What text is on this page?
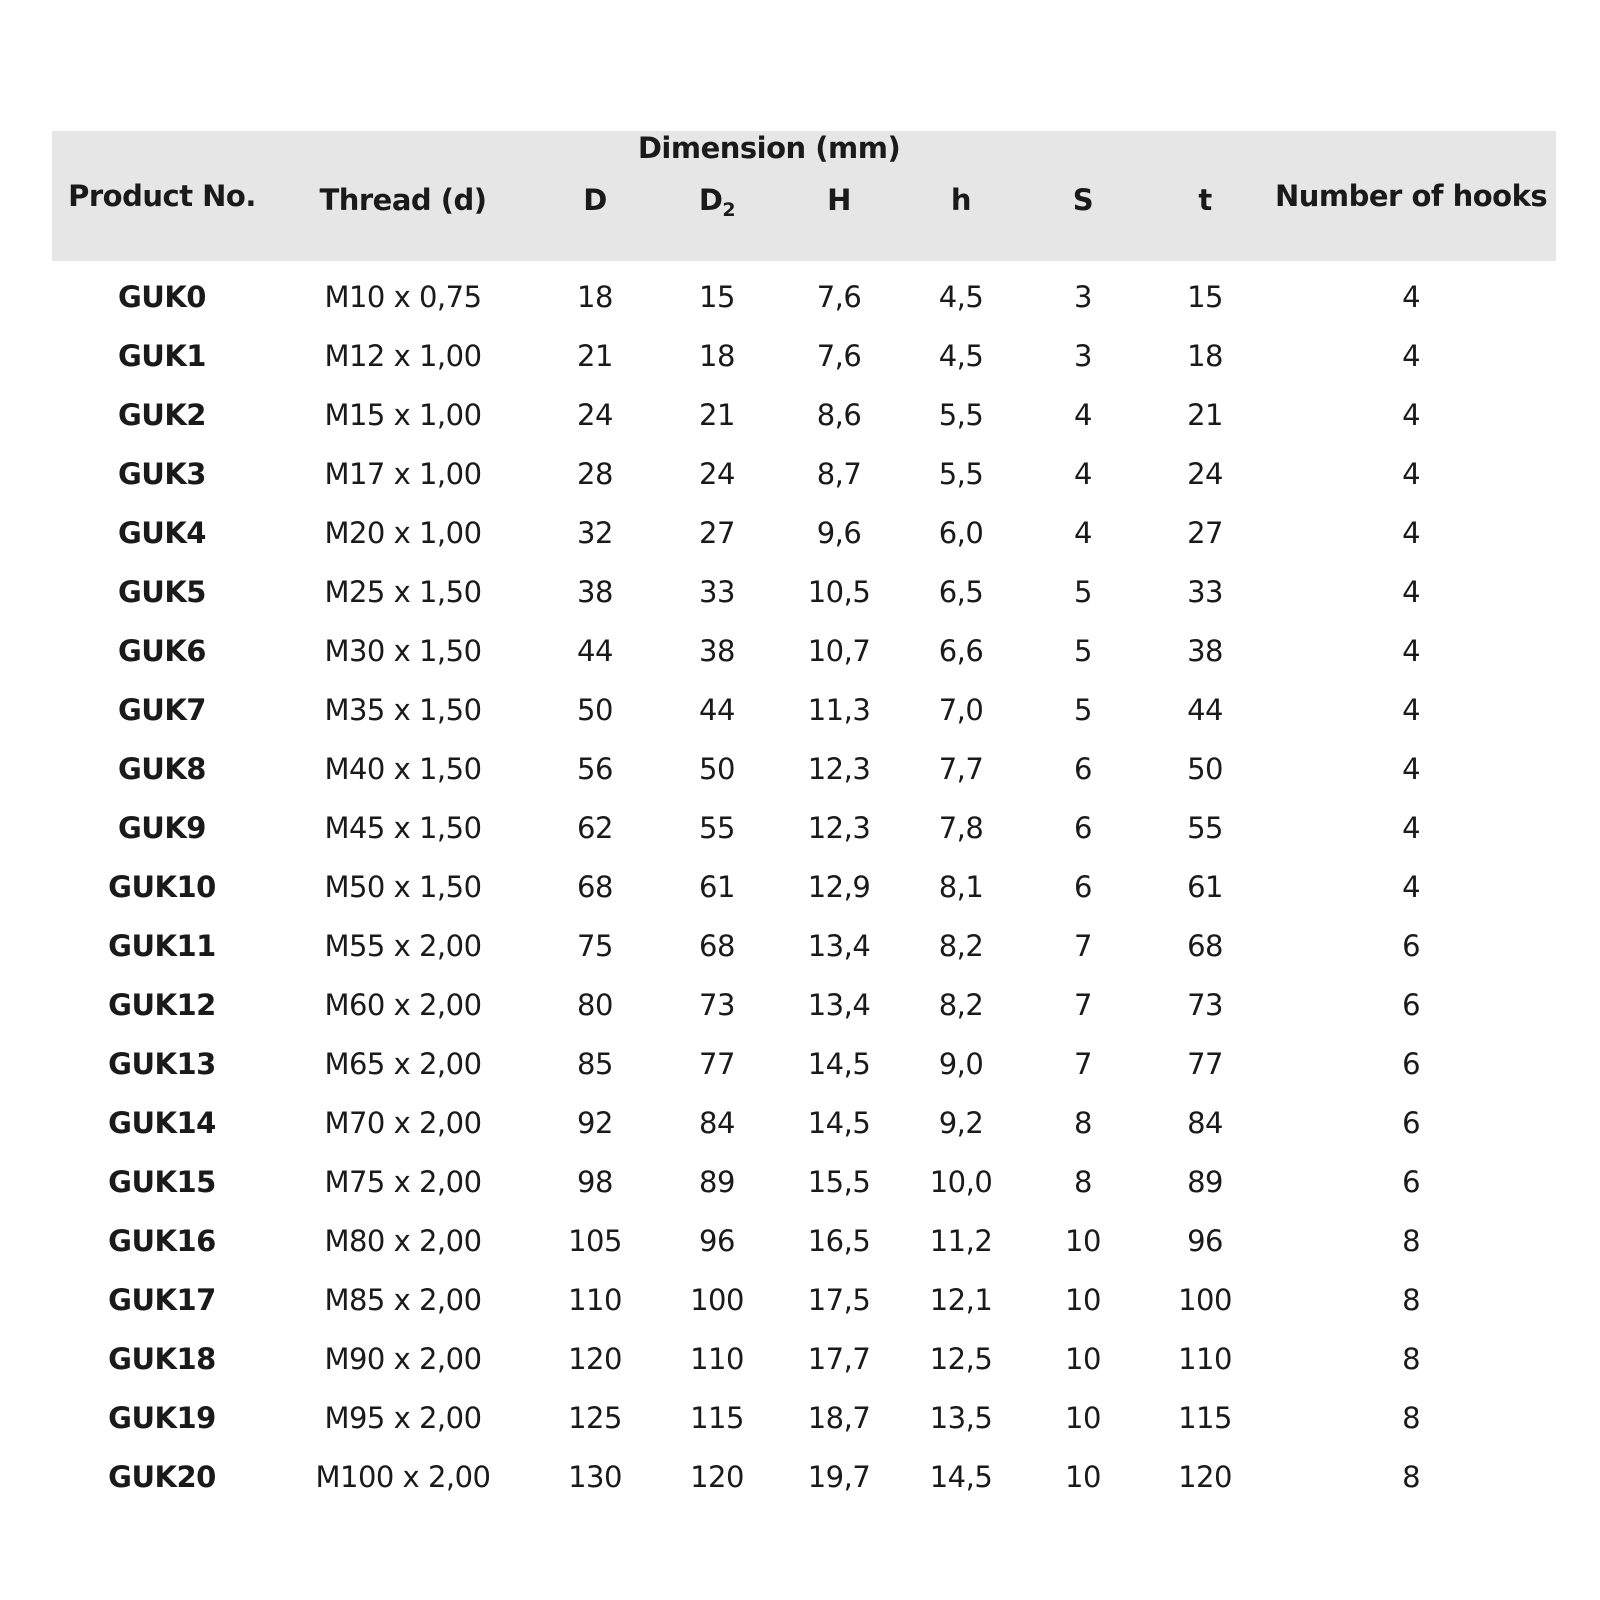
Product No.	Dimension (mm)							Number of hooks
	Thread (d)	D	$D_2$	H	h	S	t	
GUK0	M10 x 0,75	18	15	7,6	4,5	3	15	4
GUK1	M12 x 1,00	21	18	7,6	4,5	3	18	4
GUK2	M15 x 1,00	24	21	8,6	5,5	4	21	4
GUK3	M17 x 1,00	28	24	8,7	5,5	4	24	4
GUK4	M20 x 1,00	32	27	9,6	6,0	4	27	4
GUK5	M25 x 1,50	38	33	10,5	6,5	5	33	4
GUK6	M30 x 1,50	44	38	10,7	6,6	5	38	4
GUK7	M35 x 1,50	50	44	11,3	7,0	5	44	4
GUK8	M40 x 1,50	56	50	12,3	7,7	6	50	4
GUK9	M45 x 1,50	62	55	12,3	7,8	6	55	4
GUK10	M50 x 1,50	68	61	12,9	8,1	6	61	4
GUK11	M55 x 2,00	75	68	13,4	8,2	7	68	6
GUK12	M60 x 2,00	80	73	13,4	8,2	7	73	6
GUK13	M65 x 2,00	85	77	14,5	9,0	7	77	6
GUK14	M70 x 2,00	92	84	14,5	9,2	8	84	6
GUK15	M75 x 2,00	98	89	15,5	10,0	8	89	6
GUK16	M80 x 2,00	105	96	16,5	11,2	10	96	8
GUK17	M85 x 2,00	110	100	17,5	12,1	10	100	8
GUK18	M90 x 2,00	120	110	17,7	12,5	10	110	8
GUK19	M95 x 2,00	125	115	18,7	13,5	10	115	8
GUK20	M100 x 2,00	130	120	19,7	14,5	10	120	8
